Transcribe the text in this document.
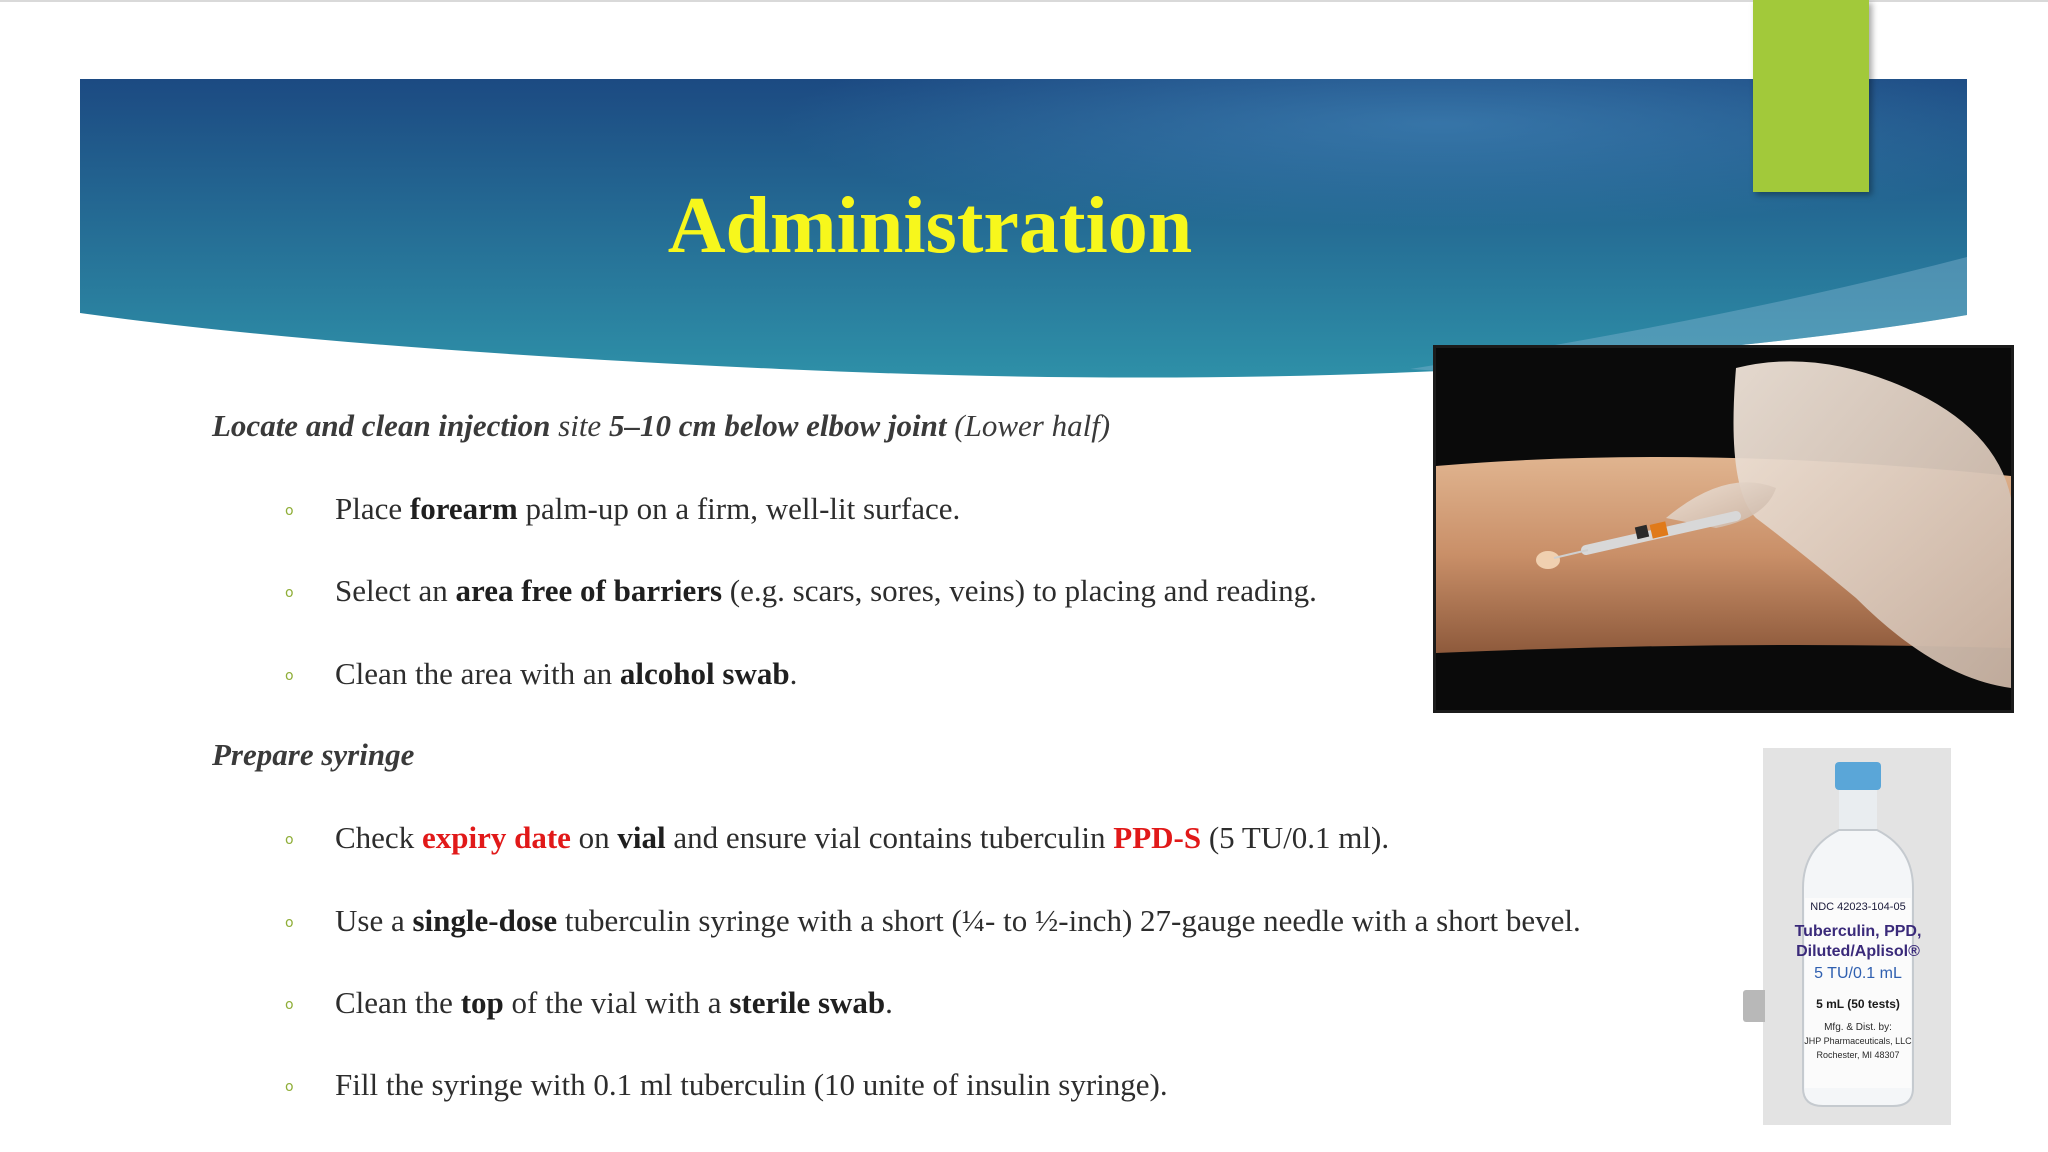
Administration

Locate and clean injection site 5–10 cm below elbow joint (Lower half)

o Place forearm palm-up on a firm, well-lit surface.
o Select an area free of barriers (e.g. scars, sores, veins) to placing and reading.
o Clean the area with an alcohol swab.

Prepare syringe

o Check expiry date on vial and ensure vial contains tuberculin PPD-S (5 TU/0.1 ml).
o Use a single-dose tuberculin syringe with a short (¼- to ½-inch) 27-gauge needle with a short bevel.
o Clean the top of the vial with a sterile swab.
o Fill the syringe with 0.1 ml tuberculin (10 unite of insulin syringe).
NDC 42023-104-05
Tuberculin, PPD,
Diluted/Aplisol®
5 TU/0.1 mL
5 mL (50 tests)
Mfg. & Dist. by:
JHP Pharmaceuticals, LLC
Rochester, MI 48307
